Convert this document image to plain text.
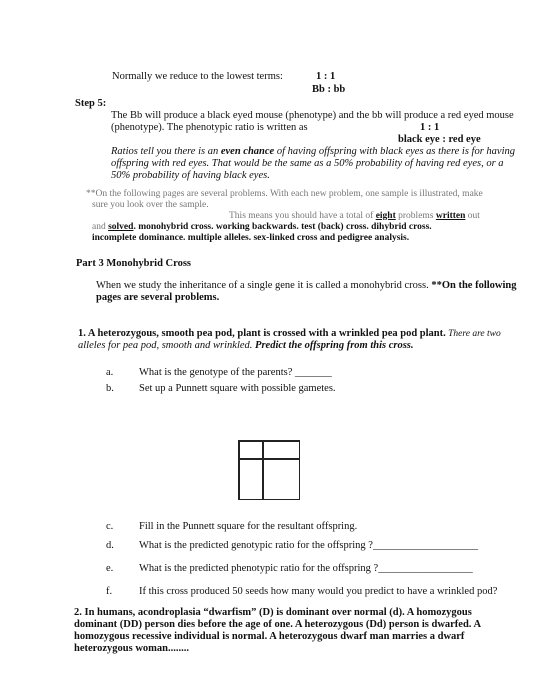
Normally we reduce to the lowest terms:	1 : 1
Bb : bb
Step 5:
The Bb will produce a black eyed mouse (phenotype) and the bb will produce a red eyed mouse
(phenotype). The phenotypic ratio is written as	1 : 1
black eye : red eye
Ratios tell you there is an even chance of having offspring with black eyes as there is for having
offspring with red eyes. That would be the same as a 50% probability of having red eyes, or a
50% probability of having black eyes.
**On the following pages are several problems. With each new problem, one sample is illustrated, make
sure you look over the sample.
This means you should have a total of eight problems written out
and solved. monohybrid cross. working backwards. test (back) cross. dihybrid cross.
incomplete dominance. multiple alleles. sex-linked cross and pedigree analysis.
Part 3 Monohybrid Cross
When we study the inheritance of a single gene it is called a monohybrid cross. **On the following
pages are several problems.
1. A heterozygous, smooth pea pod, plant is crossed with a wrinkled pea pod plant. There are two
alleles for pea pod, smooth and wrinkled. Predict the offspring from this cross.
a. What is the genotype of the parents? _______
b. Set up a Punnett square with possible gametes.
c. Fill in the Punnett square for the resultant offspring.
d. What is the predicted genotypic ratio for the offspring ?____________________
e. What is the predicted phenotypic ratio for the offspring ?__________________
f.	If this cross produced 50 seeds how many would you predict to have a wrinkled pod?
2. In humans, acondroplasia “dwarfism” (D) is dominant over normal (d). A homozygous
dominant (DD) person dies before the age of one. A heterozygous (Dd) person is dwarfed. A
homozygous recessive individual is normal. A heterozygous dwarf man marries a dwarf
heterozygous woman........
